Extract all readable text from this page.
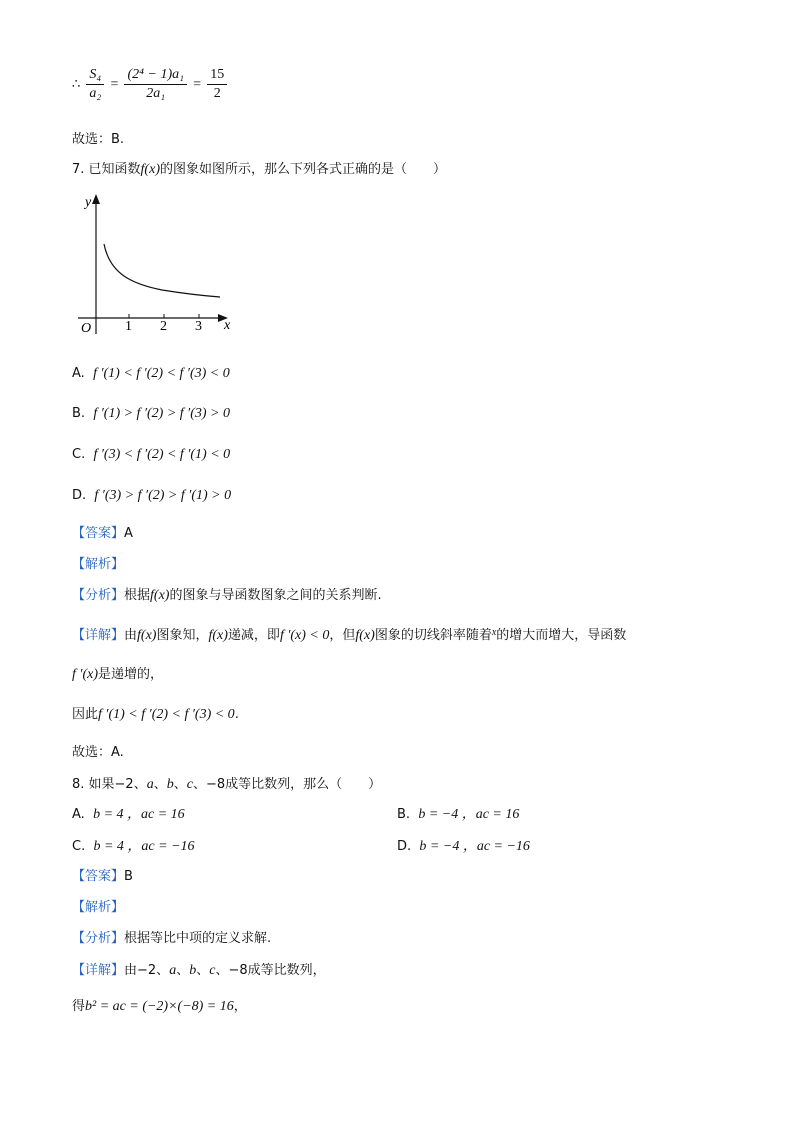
∴ $\frac{\text{S₄}}{\text{a₂}} = \frac{\text{(2⁴ − 1)a₁}}{\text{2a₁}} = \frac{15}{2}$
故选：B.
7. 已知函数f(x)的图象如图所示，那么下列各式正确的是（　　）
y
x
O 1 2 3
A. f ′(1) < f ′(2) < f ′(3) < 0
B. f ′(1) > f ′(2) > f ′(3) > 0
C. f ′(3) < f ′(2) < f ′(1) < 0
D. f ′(3) > f ′(2) > f ′(1) > 0
【答案】A
【解析】
【分析】根据f(x)的图象与导函数图象之间的关系判断.
【详解】由f(x)图象知，f(x)递减，即f ′(x) < 0，但f(x)图象的切线斜率随着$^x$的增大而增大，导函数
f ′(x)是递增的，
因此f ′(1) < f ′(2) < f ′(3) < 0.
故选：A.
8. 如果−2、a、b、c、−8成等比数列，那么（　　）
A. b = 4 ，ac = 16	B. b = −4 ，ac = 16
C. b = 4 ，ac = −16	D. b = −4 ，ac = −16
【答案】B
【解析】
【分析】根据等比中项的定义求解.
【详解】由−2、a、b、c、−8成等比数列，
得b² = ac = (−2)×(−8) = 16，
